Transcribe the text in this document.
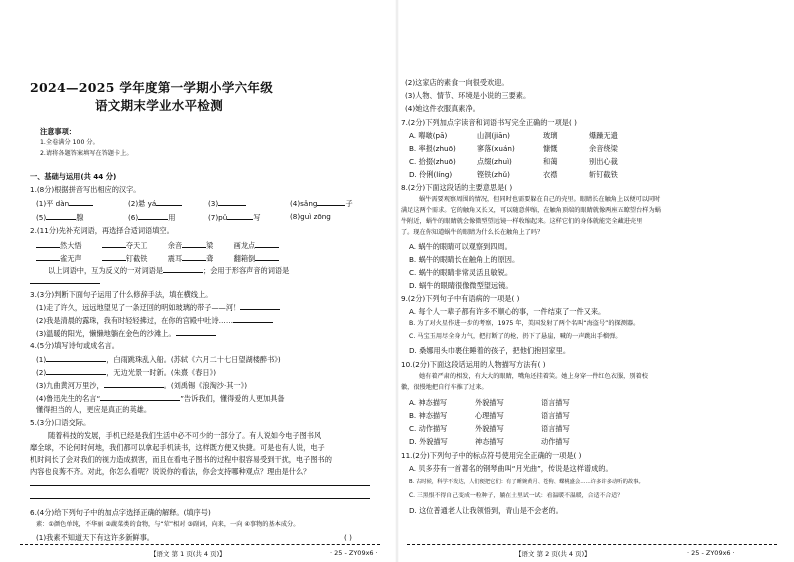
2024—2025 学年度第一学期小学六年级
语文期末学业水平检测
注意事项：
1.全卷满分 100 分。
2.请将各题答案填写在答题卡上。
一、基础与运用(共 44 分)
1.(8分)根据拼音写出相应的汉字。
(1)平 dàn	(2)悬 yá	(3)	(4)sǎng	子
(5)	腺	(6)	用	(7)pǔ	写	(8)guì zōng
2.(11分)先补充词语，再选择合适词语填空。
然大悟	夺天工	余音	梁	画龙点
雀无声	钉截铁	震耳	聋	翻箱倒
以上词语中，互为反义的一对词语是	；会用于形容声音的词语是
3.(3分)判断下面句子运用了什么修辞手法，填在横线上。
(1)走了许久，远远地望见了一条迂回的明如玻璃的带子——河！
(2)我是清晨的露珠，我有时轻轻拂过，在你的宫殿中吐诗……
(3)温暖的阳光，懒懒地躺在金色的沙滩上。
4.(5分)填写诗句或成名言。
(1)	，白雨跳珠乱入船。(苏轼《六月二十七日望湖楼醉书》)
(2)	，无边光景一时新。(朱熹《春日》)
(3)九曲黄河万里沙，	。(刘禹锡《浪淘沙·其一》)
(4)鲁迅先生的名言“	”告诉我们，懂得爱的人更加具备
懂得担当的人，更应是真正的英雄。
5.(3分)口语交际。
随着科技的发展，手机已经是我们生活中必不可少的一部分了。有人说如今电子图书风
靡全球，不论何时何地，我们都可以拿起手机读书，这样既方便又快捷。可是也有人说，电子
机时间长了会对我们的视力造成损害，而且在看电子图书的过程中很容易受到干扰，电子图书的
内容也良莠不齐。对此，你怎么看呢？说说你的看法，你会支持哪种观点？理由是什么？
6.(4分)给下列句子中的加点字选择正确的解释。(填序号)
素：①颜色单纯，不华丽 ②蔬菜类的食物，与“荤”相对 ③副词，向来，一向 ④事物的基本成分。
(1)我素不知道天下有这许多新鲜事。	( )
【语文 第 1 页(共 4 页)】	· 25 - ZY09x6 ·
(2)这家店的素食一向很受欢迎。
(3)人物、情节、环境是小说的三要素。
(4)她这件衣服真素净。
7.(2分)下列加点字读音和词语书写完全正确的一项是( )
A. 嘚啵(pā)	山洞(jiān)	玻璃	爆躁无遗
B. 率报(zhuō)	寥落(xuán)	慷慨	余音绕梁
C. 拾掇(zhuō)	点缀(zhuì)	和蔼	别出心裁
D. 伶俐(líng)	铿铁(zhǔ)	衣襟	斩钉截铁
8.(2分)下面这段话的主要意思是( )
蜗牛需要观察周围的情况，但同时也需要躲在自己的壳里。眼睛长在触角上以便可以同时
满足这两个需求。它的触角又长又，可以随意伸缩，在触角顶端的眼睛就像两座五瞭望台样为蜗
牛附近，蜗牛的眼睛就会像微型望远镜一样收缩起来。这样它们的身体就能完全藏进壳里
了。现在你知道蜗牛的眼睛为什么长在触角上了吗？
A. 蜗牛的眼睛可以观察到四周。
B. 蜗牛的眼睛长在触角上的原因。
C. 蜗牛的眼睛非常灵活且敏锐。
D. 蜗牛的眼睛很像微型望远镜。
9.(2分)下列句子中有语病的一项是( )
A. 每个人一辈子都有许多不顺心的事，一件结束了一件又来。
B. 为了对火星作进一步的考察，1975 年，美国发射了两个名叫“海盗号”的探测器。
C. 马宝玉用尽全身力气，把打断了的枪，扔下了悬崖，喊的一声跳出手榴弹。
D. 桑娜用头巾裹住睡着的孩子，把他们抱回家里。
10.(2分)下面这段话运用的人物描写方法有( )
她有着严肃的相发，有大大的眼睛，嘴角还挂着笑。她上身穿一件红色衣服，别着校
徽，很慢地把自行车推了过来。
A. 神态描写	外貌描写	语言描写
B. 神态描写	心理描写	语言描写
C. 动作描写	外貌描写	语言描写
D. 外貌描写	神态描写	动作描写
11.(2分)下列句子中的标点符号使用完全正确的一项是( )
A. 贝多芬有一首著名的钢琴曲叫“月光曲”，传说是这样谱成的。
B. 古时候，科学不发达，人们便把它们：有了睡婉黄月、苍狗、蝶桃盛会……许多许多动听的故事。
C. 三黑恨不得自己变成一粒种子，躺在土里试一试：看温暖不温暖，合适不合适？
D. 这位普通老人让我领悟到，青山是不会老的。
【语文 第 2 页(共 4 页)】	· 25 - ZY09x6 ·
